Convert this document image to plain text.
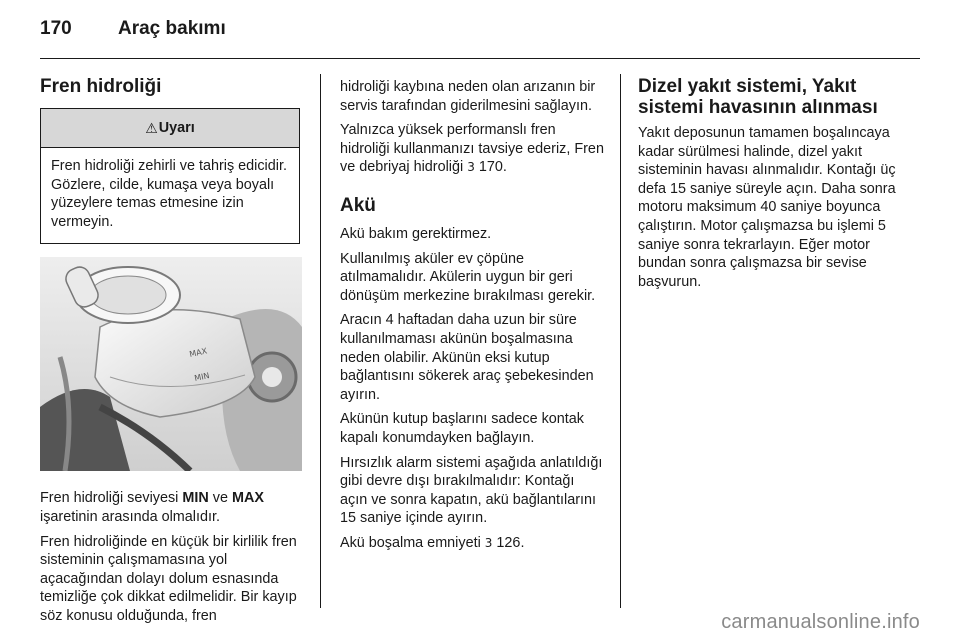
170	Araç bakımı
Fren hidroliği
⚠ Uyarı
Fren hidroliği zehirli ve tahriş edicidir. Gözlere, cilde, kumaşa veya boyalı yüzeylere temas etmesine izin vermeyin.
MAX
MIN

Fren hidroliği seviyesi MIN ve MAX işaretinin arasında olmalıdır.

Fren hidroliğinde en küçük bir kirlilik fren sisteminin çalışmamasına yol açacağından dolayı dolum esnasında temizliğe çok dikkat edilmelidir. Bir kayıp söz konusu olduğunda, fren

hidroliği kaybına neden olan arızanın bir servis tarafından giderilmesini sağlayın.

Yalnızca yüksek performanslı fren hidroliği kullanmanızı tavsiye ederiz, Fren ve debriyaj hidroliği 3 170.

Akü

Akü bakım gerektirmez.

Kullanılmış aküler ev çöpüne atılmamalıdır. Akülerin uygun bir geri dönüşüm merkezine bırakılması gerekir.

Aracın 4 haftadan daha uzun bir süre kullanılmaması akünün boşalmasına neden olabilir. Akünün eksi kutup bağlantısını sökerek araç şebekesinden ayırın.

Akünün kutup başlarını sadece kontak kapalı konumdayken bağlayın.

Hırsızlık alarm sistemi aşağıda anlatıldığı gibi devre dışı bırakılmalıdır: Kontağı açın ve sonra kapatın, akü bağlantılarını 15 saniye içinde ayırın.

Akü boşalma emniyeti 3 126.

Dizel yakıt sistemi, Yakıt sistemi havasının alınması

Yakıt deposunun tamamen boşalıncaya kadar sürülmesi halinde, dizel yakıt sisteminin havası alınmalıdır. Kontağı üç defa 15 saniye süreyle açın. Daha sonra motoru maksimum 40 saniye boyunca çalıştırın. Motor çalışmazsa bu işlemi 5 saniye sonra tekrarlayın. Eğer motor bundan sonra çalışmazsa bir sevise başvurun.

carmanualsonline.info
